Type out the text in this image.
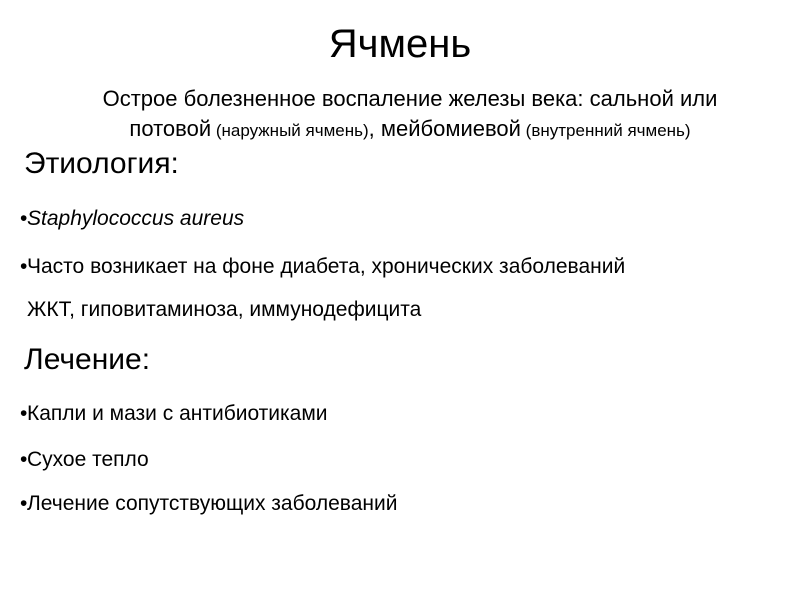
Ячмень
Острое болезненное воспаление железы века: сальной или
потовой (наружный ячмень), мейбомиевой (внутренний ячмень)
Этиология:
•Staphylococcus aureus
•Часто возникает на фоне диабета, хронических заболеваний
ЖКТ, гиповитаминоза, иммунодефицита
Лечение:
•Капли и мази с антибиотиками
•Сухое тепло
•Лечение сопутствующих заболеваний
